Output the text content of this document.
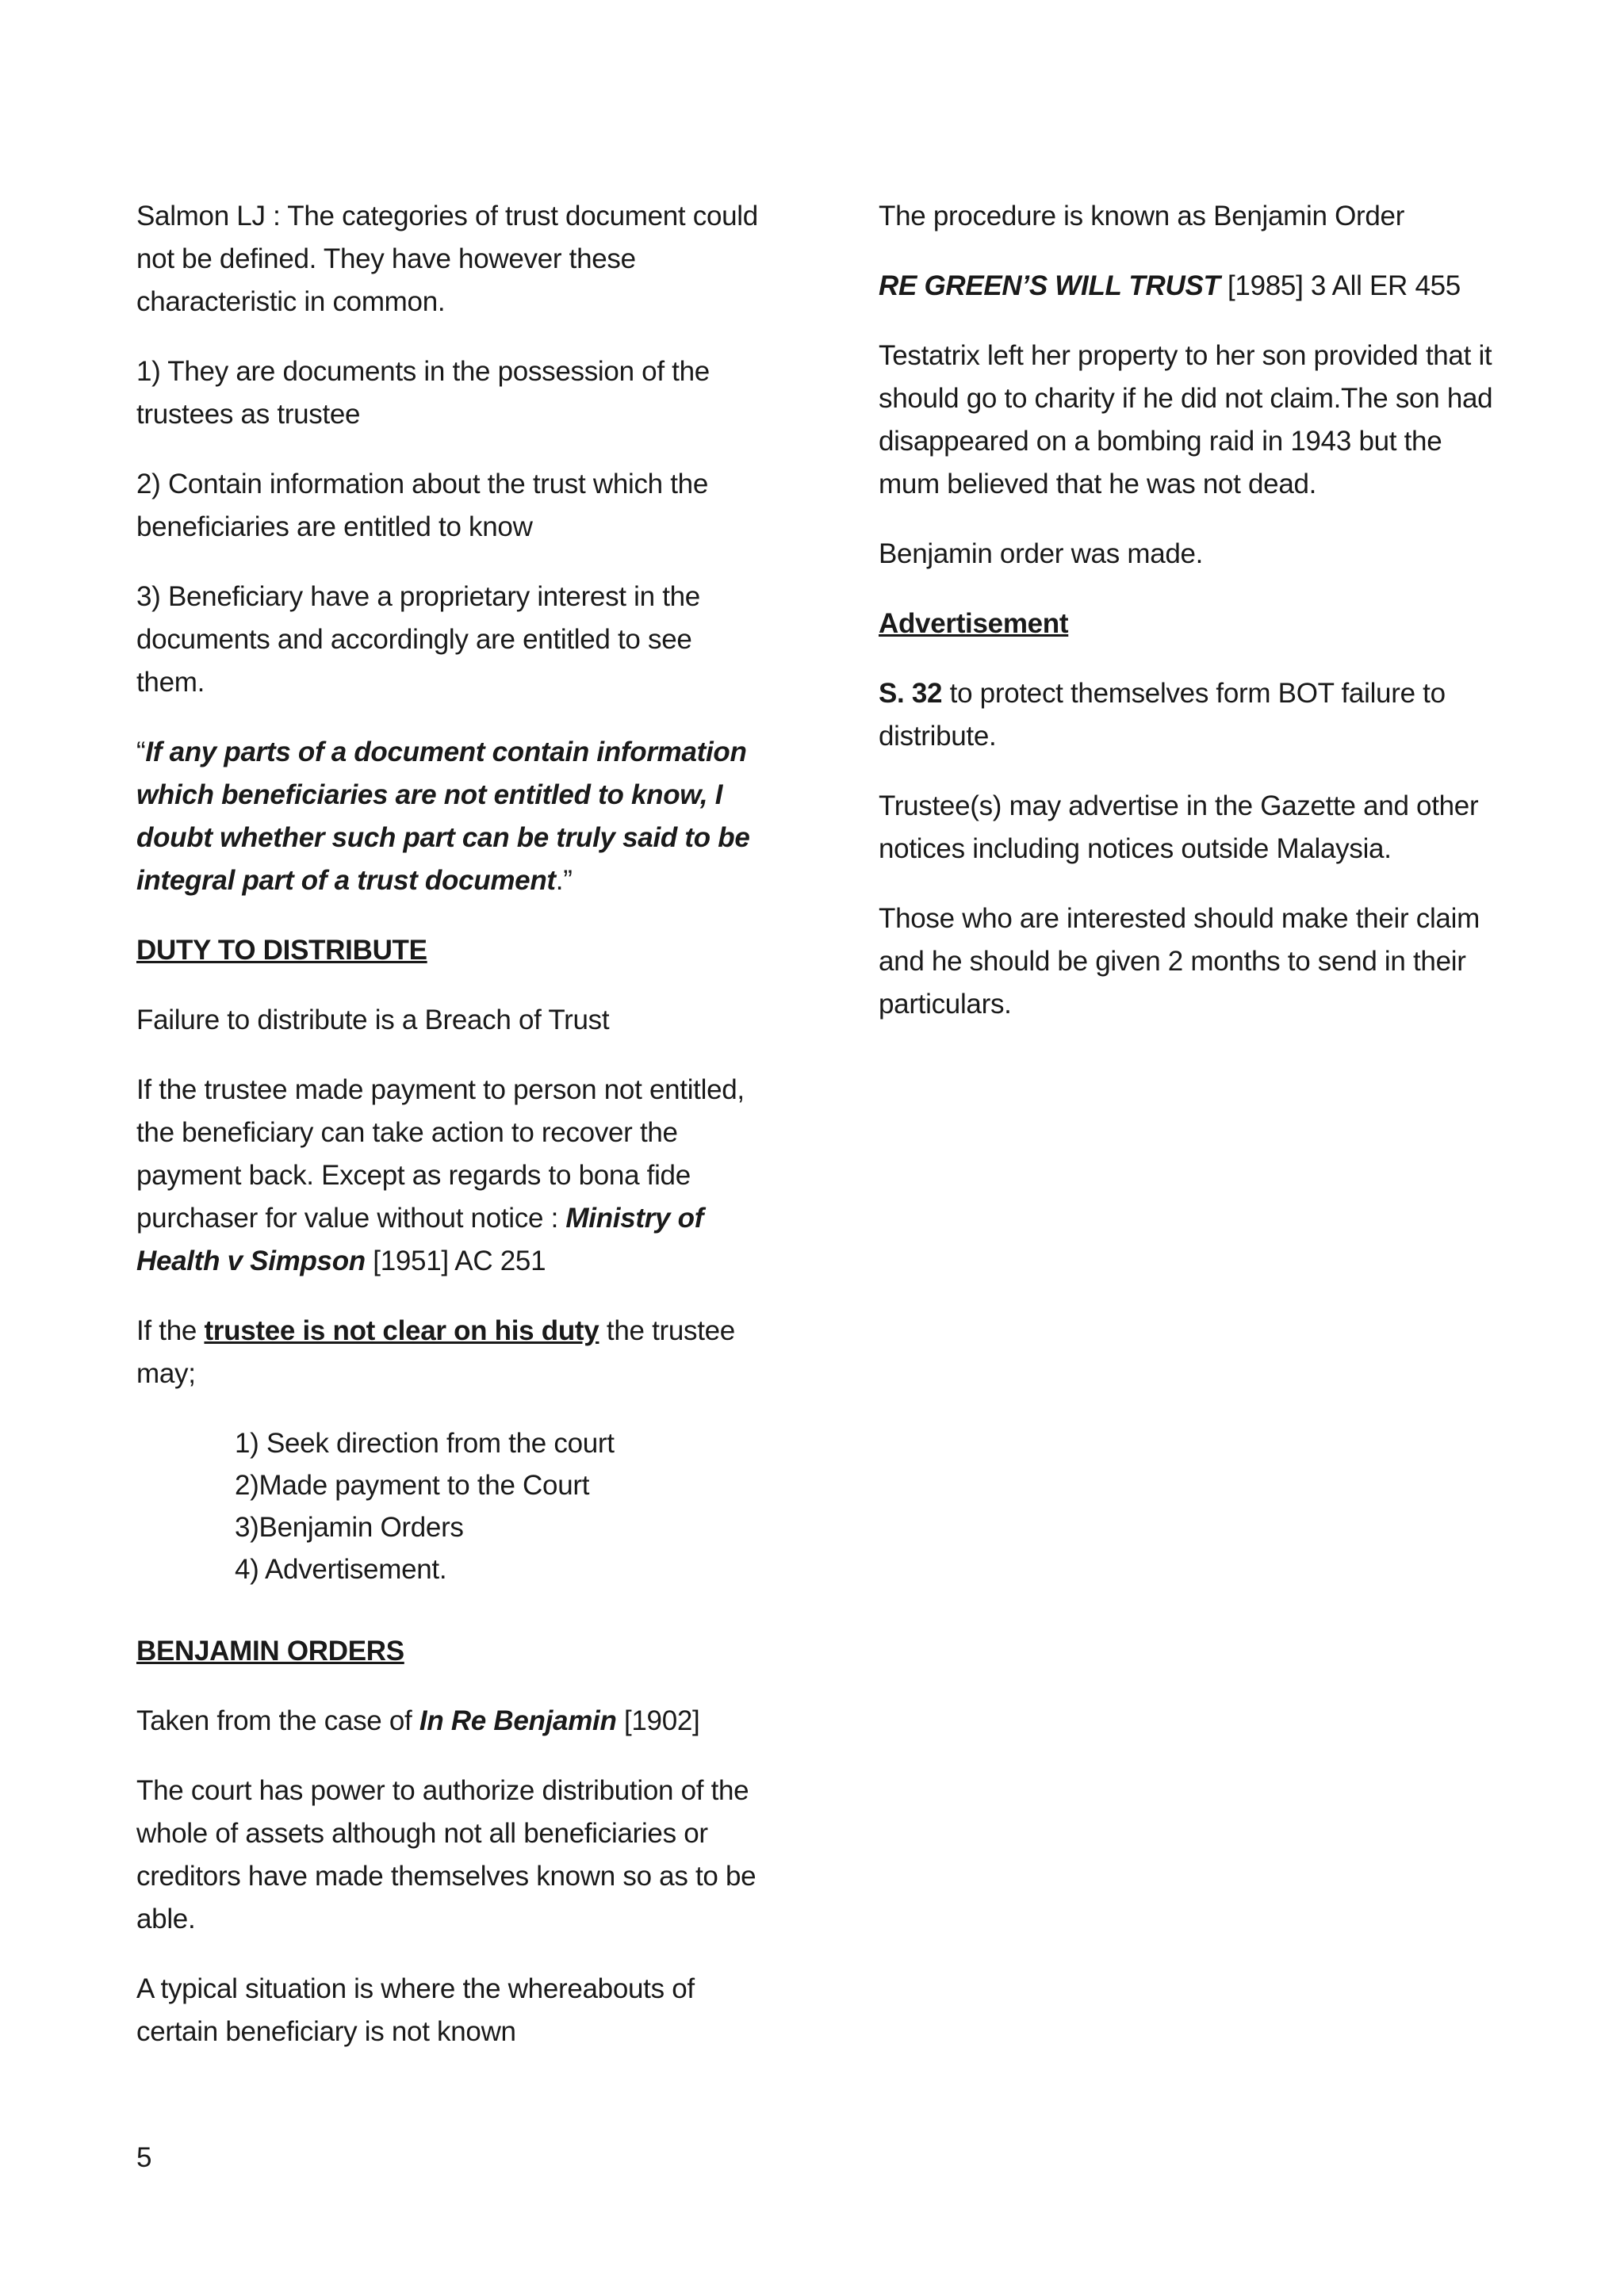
Salmon LJ : The categories of trust document could not be defined. They have however these characteristic in common.

1) They are documents in the possession of the trustees as trustee

2) Contain information about the trust which the beneficiaries are entitled to know

3) Beneficiary have a proprietary interest in the documents and accordingly are entitled to see them.

“If any parts of a document contain information which beneficiaries are not entitled to know, I doubt whether such part can be truly said to be integral part of a trust document.”

DUTY TO DISTRIBUTE

Failure to distribute is a Breach of Trust

If the trustee made payment to person not entitled, the beneficiary can take action to recover the payment back. Except as regards to bona fide purchaser for value without notice : Ministry of Health v Simpson [1951] AC 251

If the trustee is not clear on his duty the trustee may;

1) Seek direction from the court
2)Made payment to the Court
3)Benjamin Orders
4) Advertisement.

BENJAMIN ORDERS

Taken from the case of In Re Benjamin [1902]

The court has power to authorize distribution of the whole of assets although not all beneficiaries or creditors have made themselves known so as to be able.

A typical situation is where the whereabouts of certain beneficiary is not known

The procedure is known as Benjamin Order

RE GREEN’S WILL TRUST [1985] 3 All ER 455

Testatrix left her property to her son provided that it should go to charity if he did not claim.The son had disappeared on a bombing raid in 1943 but the mum believed that he was not dead.

Benjamin order was made.

Advertisement

S. 32 to protect themselves form BOT failure to distribute.

Trustee(s) may advertise in the Gazette and other notices including notices outside Malaysia.

Those who are interested should make their claim and he should be given 2 months to send in their particulars.

5
